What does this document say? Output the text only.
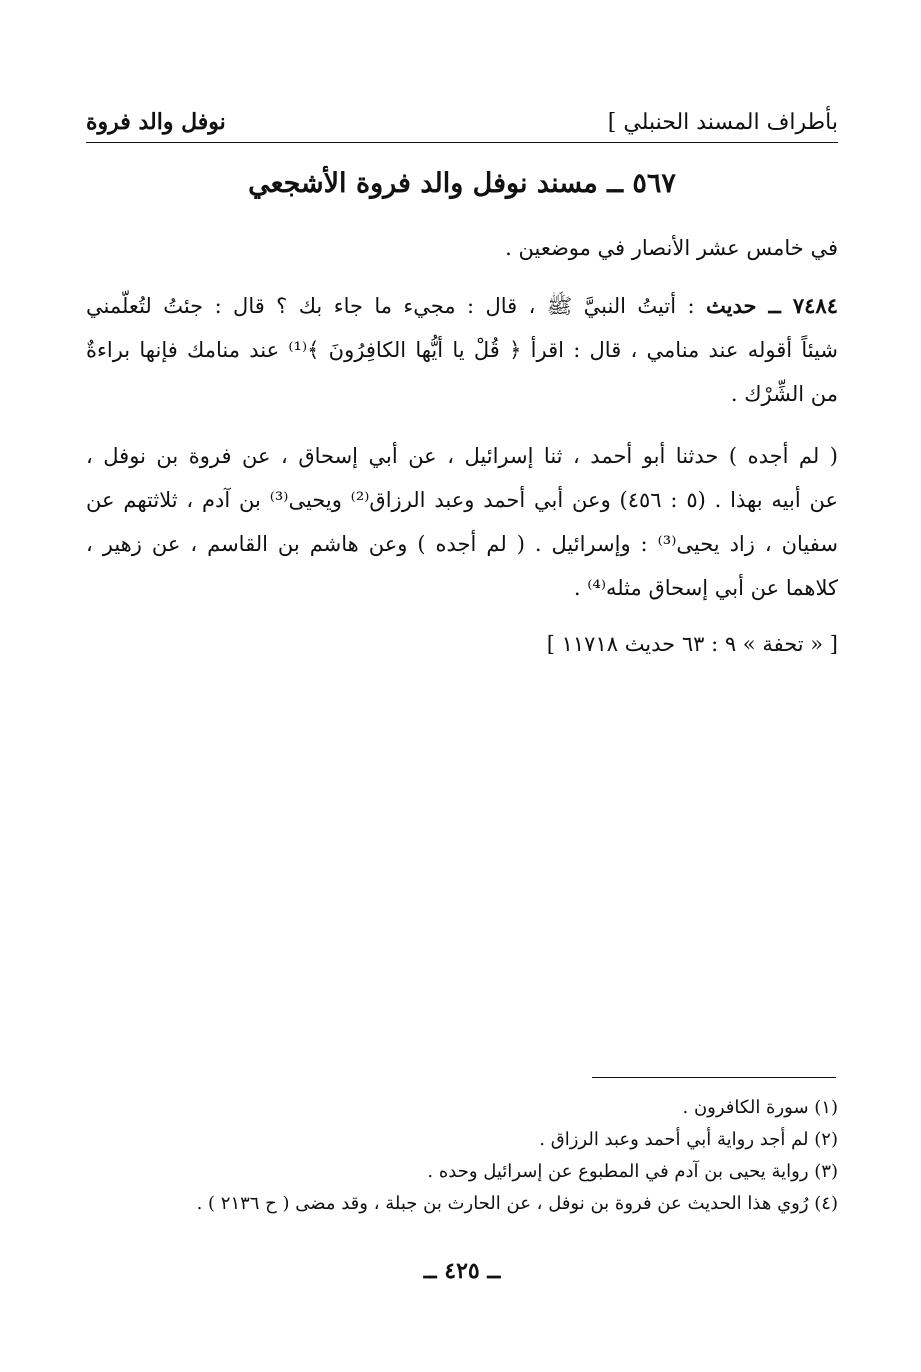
بأطراف المسند الحنبلي ]
نوفل والد فروة
٥٦٧ ــ مسند نوفل والد فروة الأشجعي
في خامس عشر الأنصار في موضعين .
٧٤٨٤ ــ حديث : أتيتُ النبيَّ ﷺ ، قال : مجيء ما جاء بك ؟ قال : جئتُ لتُعلّمني
شيئاً أقوله عند منامي ، قال : اقرأ ﴿ قُلْ يا أيُّها الكافِرُونَ ﴾⁽¹⁾ عند منامك فإنها براءةٌ
من الشِّرْك .
( لم أجده ) حدثنا أبو أحمد ، ثنا إسرائيل ، عن أبي إسحاق ، عن فروة بن نوفل ،
عن أبيه بهذا . (٥ : ٤٥٦) وعن أبي أحمد وعبد الرزاق⁽²⁾ ويحيى⁽³⁾ بن آدم ، ثلاثتهم عن
سفيان ، زاد يحيى⁽³⁾ : وإسرائيل . ( لم أجده ) وعن هاشم بن القاسم ، عن زهير ،
كلاهما عن أبي إسحاق مثله⁽⁴⁾ .
[ « تحفة » ٩ : ٦٣ حديث ١١٧١٨ ]
(١) سورة الكافرون .
(٢) لم أجد رواية أبي أحمد وعبد الرزاق .
(٣) رواية يحيى بن آدم في المطبوع عن إسرائيل وحده .
(٤) رُوي هذا الحديث عن فروة بن نوفل ، عن الحارث بن جبلة ، وقد مضى ( ح ٢١٣٦ ) .
ــ ٤٢٥ ــ
